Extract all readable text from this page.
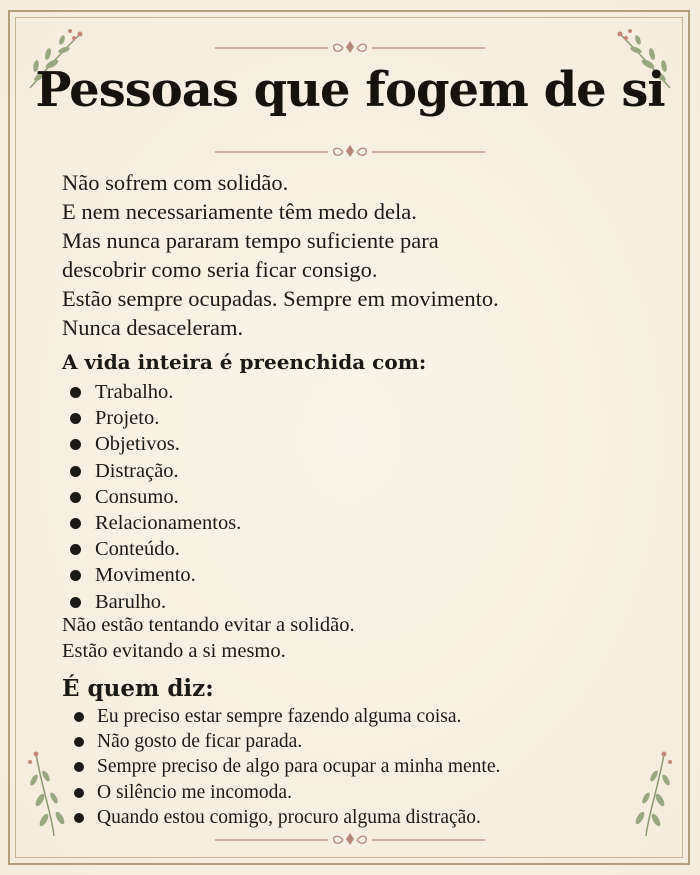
Pessoas que fogem de si

Não sofrem com solidão.

E nem necessariamente têm medo dela.

Mas nunca pararam tempo suficiente para

descobrir como seria ficar consigo.

Estão sempre ocupadas. Sempre em movimento.

Nunca desaceleram.

A vida inteira é preenchida com:
Trabalho.
Projeto.
Objetivos.
Distração.
Consumo.
Relacionamentos.
Conteúdo.
Movimento.
Barulho.

Não estão tentando evitar a solidão.

Estão evitando a si mesmo.

É quem diz:
Eu preciso estar sempre fazendo alguma coisa.
Não gosto de ficar parada.
Sempre preciso de algo para ocupar a minha mente.
O silêncio me incomoda.
Quando estou comigo, procuro alguma distração.
